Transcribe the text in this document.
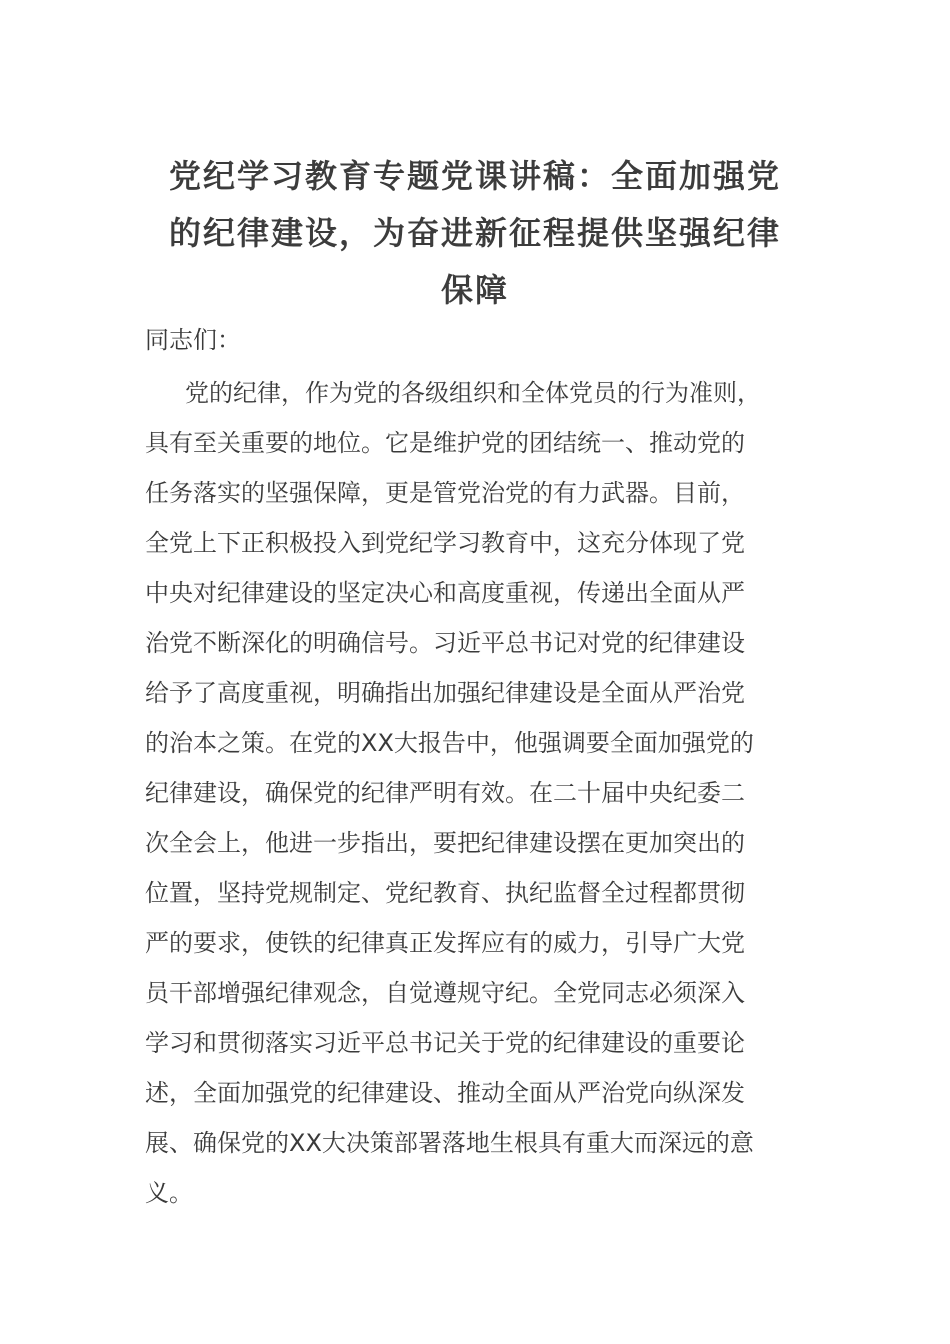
党纪学习教育专题党课讲稿：全面加强党
的纪律建设，为奋进新征程提供坚强纪律
保障

同志们：

党的纪律，作为党的各级组织和全体党员的行为准则，
具有至关重要的地位。它是维护党的团结统一、推动党的
任务落实的坚强保障，更是管党治党的有力武器。目前，
全党上下正积极投入到党纪学习教育中，这充分体现了党
中央对纪律建设的坚定决心和高度重视，传递出全面从严
治党不断深化的明确信号。习近平总书记对党的纪律建设
给予了高度重视，明确指出加强纪律建设是全面从严治党
的治本之策。在党的XX大报告中，他强调要全面加强党的
纪律建设，确保党的纪律严明有效。在二十届中央纪委二
次全会上，他进一步指出，要把纪律建设摆在更加突出的
位置，坚持党规制定、党纪教育、执纪监督全过程都贯彻
严的要求，使铁的纪律真正发挥应有的威力，引导广大党
员干部增强纪律观念，自觉遵规守纪。全党同志必须深入
学习和贯彻落实习近平总书记关于党的纪律建设的重要论
述，全面加强党的纪律建设、推动全面从严治党向纵深发
展、确保党的XX大决策部署落地生根具有重大而深远的意
义。
